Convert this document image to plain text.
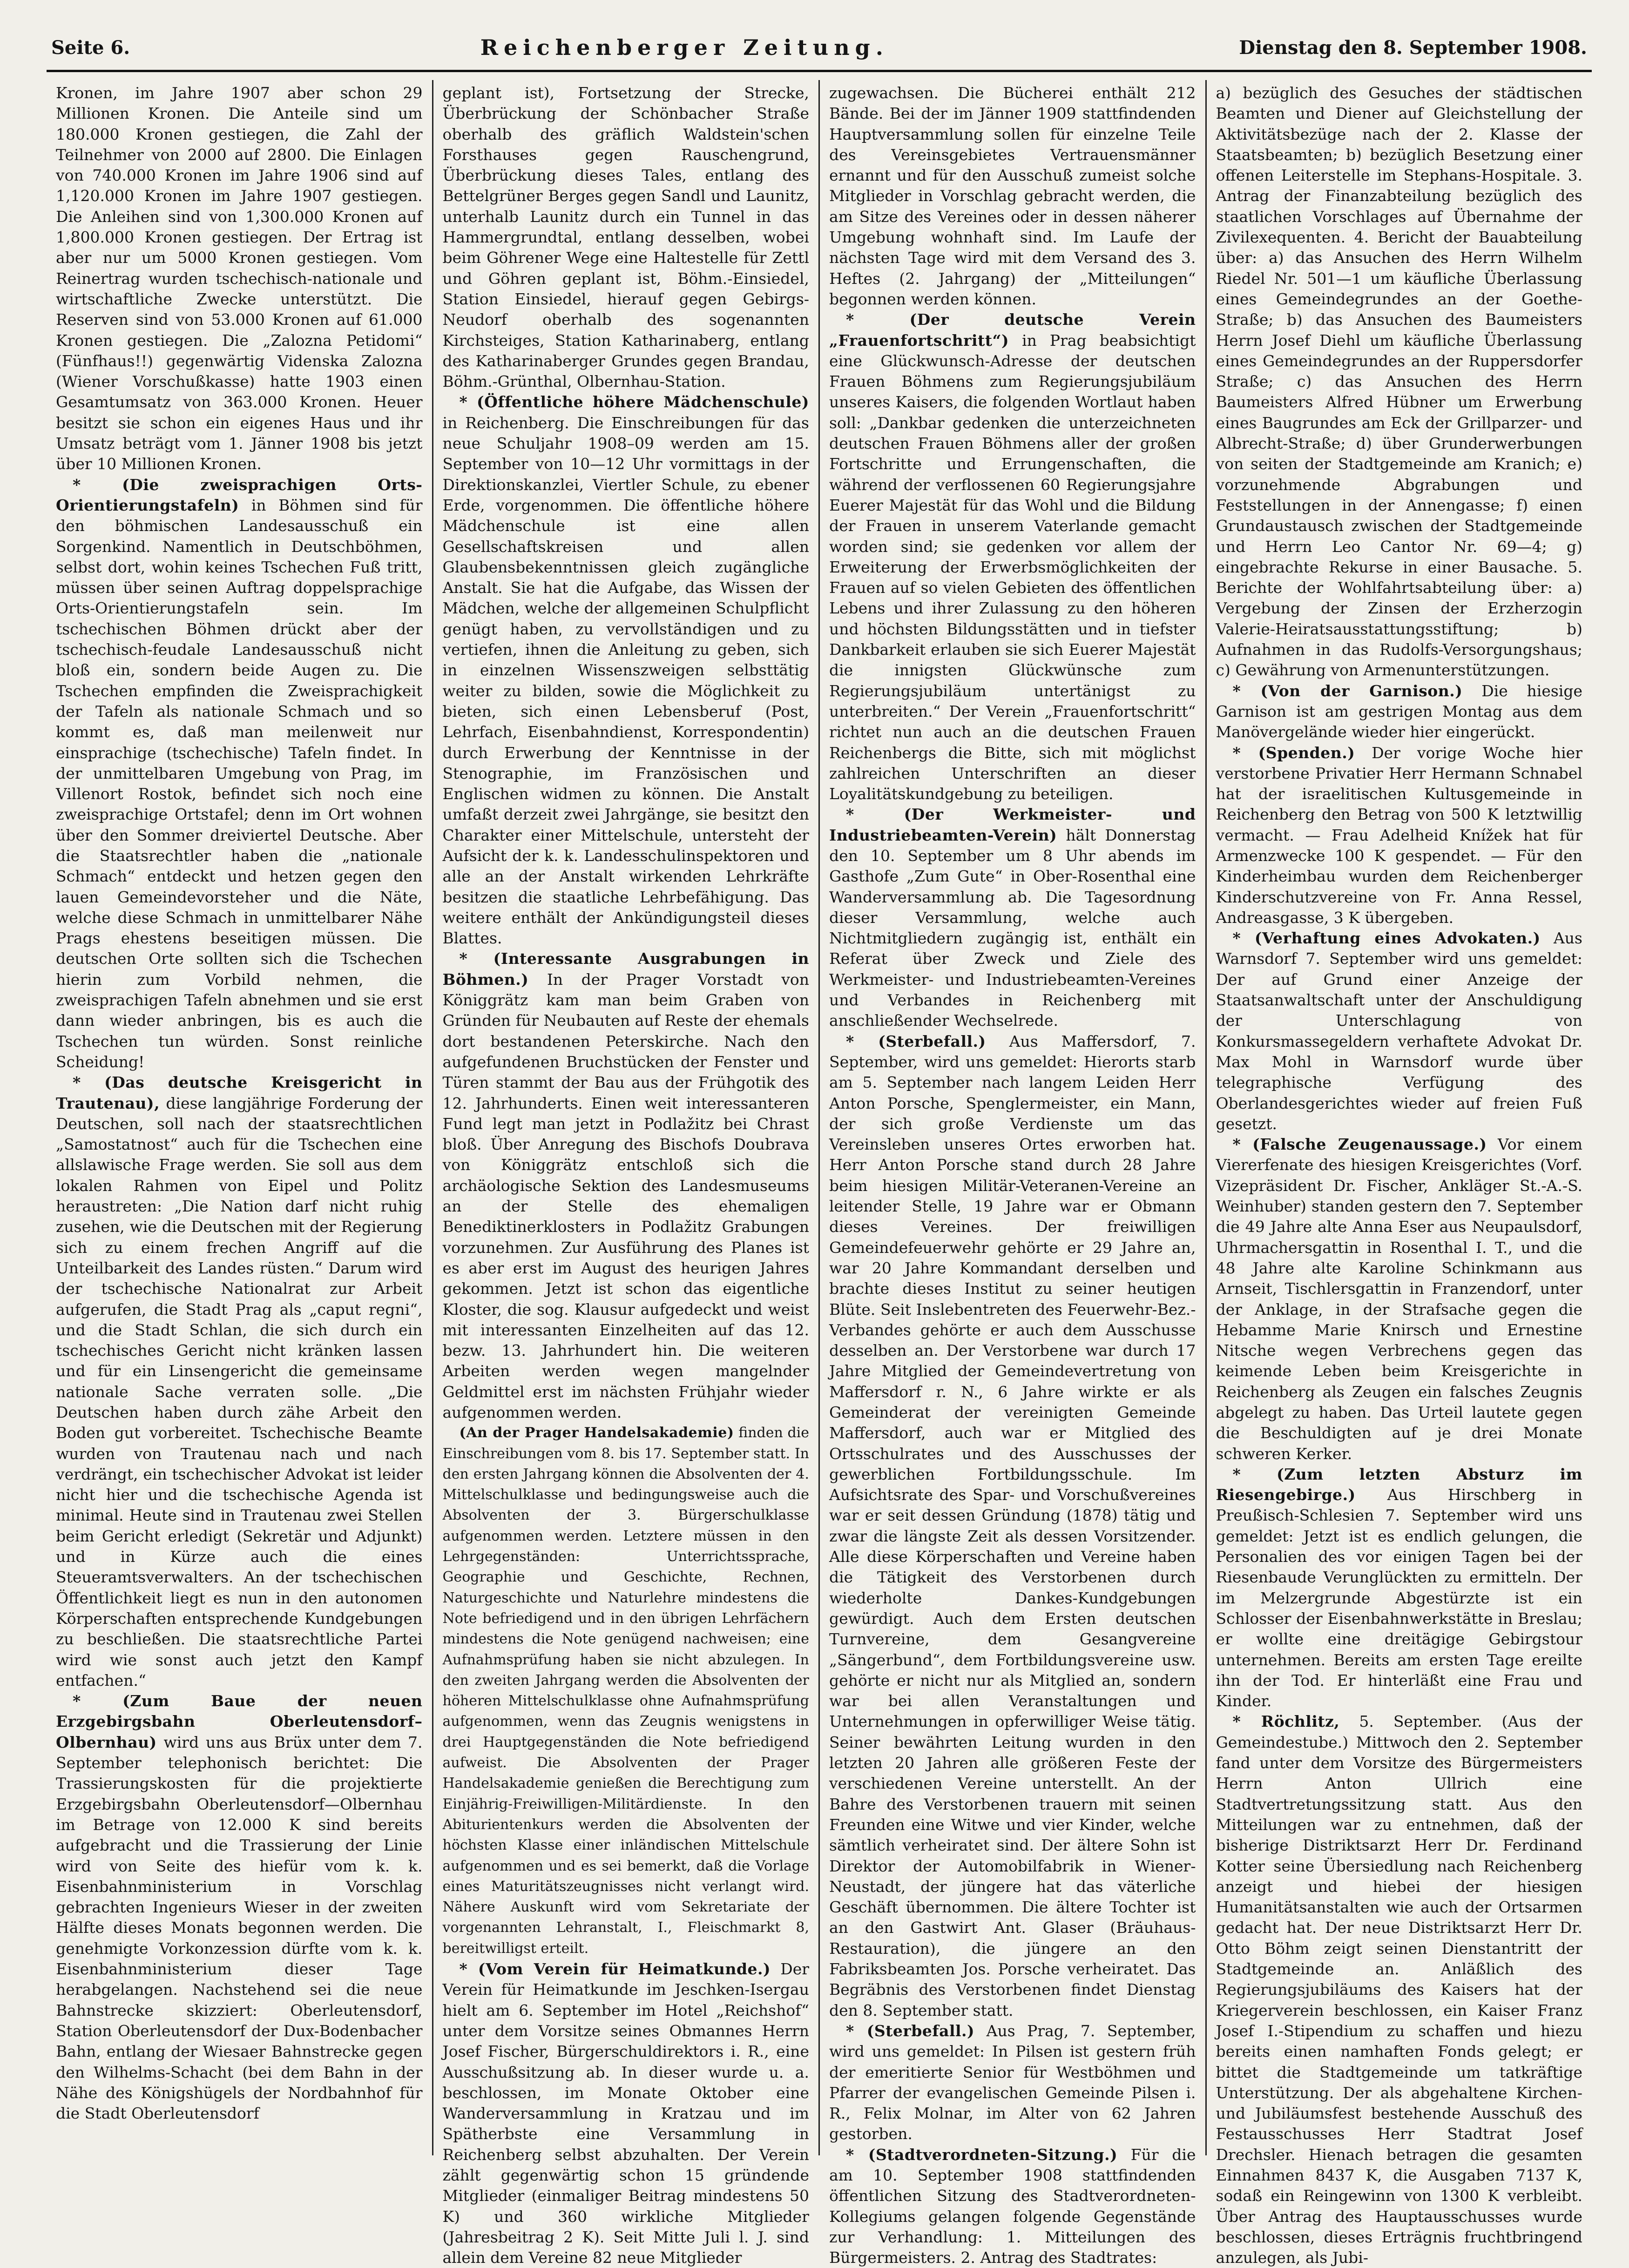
Seite 6.	Reichenberger Zeitung.	Dienstag den 8. September 1908.

Kronen, im Jahre 1907 aber schon 29 Millionen Kronen. Die Anteile sind um 180.000 Kronen gestiegen, die Zahl der Teilnehmer von 2000 auf 2800. Die Einlagen von 740.000 Kronen im Jahre 1906 sind auf 1,120.000 Kronen im Jahre 1907 gestiegen. Die Anleihen sind von 1,300.000 Kronen auf 1,800.000 Kronen gestiegen. Der Ertrag ist aber nur um 5000 Kronen gestiegen. Vom Reinertrag wurden tschechisch-nationale und wirtschaftliche Zwecke unterstützt. Die Reserven sind von 53.000 Kronen auf 61.000 Kronen gestiegen. Die „Zalozna Petidomi“ (Fünfhaus!!) gegenwärtig Videnska Zalozna (Wiener Vorschußkasse) hatte 1903 einen Gesamtumsatz von 363.000 Kronen. Heuer besitzt sie schon ein eigenes Haus und ihr Umsatz beträgt vom 1. Jänner 1908 bis jetzt über 10 Millionen Kronen.

* (Die zweisprachigen Orts-Orientierungstafeln) in Böhmen sind für den böhmischen Landesausschuß ein Sorgenkind. Namentlich in Deutschböhmen, selbst dort, wohin keines Tschechen Fuß tritt, müssen über seinen Auftrag doppelsprachige Orts-Orientierungstafeln sein. Im tschechischen Böhmen drückt aber der tschechisch-feudale Landesausschuß nicht bloß ein, sondern beide Augen zu. Die Tschechen empfinden die Zweisprachigkeit der Tafeln als nationale Schmach und so kommt es, daß man meilenweit nur einsprachige (tschechische) Tafeln findet. In der unmittelbaren Umgebung von Prag, im Villenort Rostok, befindet sich noch eine zweisprachige Ortstafel; denn im Ort wohnen über den Sommer dreiviertel Deutsche. Aber die Staatsrechtler haben die „nationale Schmach“ entdeckt und hetzen gegen den lauen Gemeindevorsteher und die Näte, welche diese Schmach in unmittelbarer Nähe Prags ehestens beseitigen müssen. Die deutschen Orte sollten sich die Tschechen hierin zum Vorbild nehmen, die zweisprachigen Tafeln abnehmen und sie erst dann wieder anbringen, bis es auch die Tschechen tun würden. Sonst reinliche Scheidung!

* (Das deutsche Kreisgericht in Trautenau), diese langjährige Forderung der Deutschen, soll nach der staatsrechtlichen „Samostatnost“ auch für die Tschechen eine allslawische Frage werden. Sie soll aus dem lokalen Rahmen von Eipel und Politz heraustreten: „Die Nation darf nicht ruhig zusehen, wie die Deutschen mit der Regierung sich zu einem frechen Angriff auf die Unteilbarkeit des Landes rüsten.“ Darum wird der tschechische Nationalrat zur Arbeit aufgerufen, die Stadt Prag als „caput regni“, und die Stadt Schlan, die sich durch ein tschechisches Gericht nicht kränken lassen und für ein Linsengericht die gemeinsame nationale Sache verraten solle. „Die Deutschen haben durch zähe Arbeit den Boden gut vorbereitet. Tschechische Beamte wurden von Trautenau nach und nach verdrängt, ein tschechischer Advokat ist leider nicht hier und die tschechische Agenda ist minimal. Heute sind in Trautenau zwei Stellen beim Gericht erledigt (Sekretär und Adjunkt) und in Kürze auch die eines Steueramtsverwalters. An der tschechischen Öffentlichkeit liegt es nun in den autonomen Körperschaften entsprechende Kundgebungen zu beschließen. Die staatsrechtliche Partei wird wie sonst auch jetzt den Kampf entfachen.“

* (Zum Baue der neuen Erzgebirgsbahn Oberleutensdorf–Olbernhau) wird uns aus Brüx unter dem 7. September telephonisch berichtet: Die Trassierungskosten für die projektierte Erzgebirgsbahn Oberleutensdorf—Olbernhau im Betrage von 12.000 K sind bereits aufgebracht und die Trassierung der Linie wird von Seite des hiefür vom k. k. Eisenbahnministerium in Vorschlag gebrachten Ingenieurs Wieser in der zweiten Hälfte dieses Monats begonnen werden. Die genehmigte Vorkonzession dürfte vom k. k. Eisenbahnministerium dieser Tage herabgelangen. Nachstehend sei die neue Bahnstrecke skizziert: Oberleutensdorf, Station Oberleutensdorf der Dux-Bodenbacher Bahn, entlang der Wiesaer Bahnstrecke gegen den Wilhelms-Schacht (bei dem Bahn in der Nähe des Königshügels der Nordbahnhof für die Stadt Oberleutensdorf

geplant ist), Fortsetzung der Strecke, Überbrückung der Schönbacher Straße oberhalb des gräflich Waldstein'schen Forsthauses gegen Rauschengrund, Überbrückung dieses Tales, entlang des Bettelgrüner Berges gegen Sandl und Launitz, unterhalb Launitz durch ein Tunnel in das Hammergrundtal, entlang desselben, wobei beim Göhrener Wege eine Haltestelle für Zettl und Göhren geplant ist, Böhm.-Einsiedel, Station Einsiedel, hierauf gegen Gebirgs-Neudorf oberhalb des sogenannten Kirchsteiges, Station Katharinaberg, entlang des Katharinaberger Grundes gegen Brandau, Böhm.-Grünthal, Olbernhau-Station.

* (Öffentliche höhere Mädchenschule) in Reichenberg. Die Einschreibungen für das neue Schuljahr 1908–09 werden am 15. September von 10—12 Uhr vormittags in der Direktionskanzlei, Viertler Schule, zu ebener Erde, vorgenommen. Die öffentliche höhere Mädchenschule ist eine allen Gesellschaftskreisen und allen Glaubensbekenntnissen gleich zugängliche Anstalt. Sie hat die Aufgabe, das Wissen der Mädchen, welche der allgemeinen Schulpflicht genügt haben, zu vervollständigen und zu vertiefen, ihnen die Anleitung zu geben, sich in einzelnen Wissenszweigen selbsttätig weiter zu bilden, sowie die Möglichkeit zu bieten, sich einen Lebensberuf (Post, Lehrfach, Eisenbahndienst, Korrespondentin) durch Erwerbung der Kenntnisse in der Stenographie, im Französischen und Englischen widmen zu können. Die Anstalt umfaßt derzeit zwei Jahrgänge, sie besitzt den Charakter einer Mittelschule, untersteht der Aufsicht der k. k. Landesschulinspektoren und alle an der Anstalt wirkenden Lehrkräfte besitzen die staatliche Lehrbefähigung. Das weitere enthält der Ankündigungsteil dieses Blattes.

* (Interessante Ausgrabungen in Böhmen.) In der Prager Vorstadt von Königgrätz kam man beim Graben von Gründen für Neubauten auf Reste der ehemals dort bestandenen Peterskirche. Nach den aufgefundenen Bruchstücken der Fenster und Türen stammt der Bau aus der Frühgotik des 12. Jahrhunderts. Einen weit interessanteren Fund legt man jetzt in Podlažitz bei Chrast bloß. Über Anregung des Bischofs Doubrava von Königgrätz entschloß sich die archäologische Sektion des Landesmuseums an der Stelle des ehemaligen Benediktinerklosters in Podlažitz Grabungen vorzunehmen. Zur Ausführung des Planes ist es aber erst im August des heurigen Jahres gekommen. Jetzt ist schon das eigentliche Kloster, die sog. Klausur aufgedeckt und weist mit interessanten Einzelheiten auf das 12. bezw. 13. Jahrhundert hin. Die weiteren Arbeiten werden wegen mangelnder Geldmittel erst im nächsten Frühjahr wieder aufgenommen werden.

(An der Prager Handelsakademie) finden die Einschreibungen vom 8. bis 17. September statt. In den ersten Jahrgang können die Absolventen der 4. Mittelschulklasse und bedingungsweise auch die Absolventen der 3. Bürgerschulklasse aufgenommen werden. Letztere müssen in den Lehrgegenständen: Unterrichtssprache, Geographie und Geschichte, Rechnen, Naturgeschichte und Naturlehre mindestens die Note befriedigend und in den übrigen Lehrfächern mindestens die Note genügend nachweisen; eine Aufnahmsprüfung haben sie nicht abzulegen. In den zweiten Jahrgang werden die Absolventen der höheren Mittelschulklasse ohne Aufnahmsprüfung aufgenommen, wenn das Zeugnis wenigstens in drei Hauptgegenständen die Note befriedigend aufweist. Die Absolventen der Prager Handelsakademie genießen die Berechtigung zum Einjährig-Freiwilligen-Militärdienste. In den Abiturientenkurs werden die Absolventen der höchsten Klasse einer inländischen Mittelschule aufgenommen und es sei bemerkt, daß die Vorlage eines Maturitätszeugnisses nicht verlangt wird. Nähere Auskunft wird vom Sekretariate der vorgenannten Lehranstalt, I., Fleischmarkt 8, bereitwilligst erteilt.

* (Vom Verein für Heimatkunde.) Der Verein für Heimatkunde im Jeschken-Isergau hielt am 6. September im Hotel „Reichshof“ unter dem Vorsitze seines Obmannes Herrn Josef Fischer, Bürgerschuldirektors i. R., eine Ausschußsitzung ab. In dieser wurde u. a. beschlossen, im Monate Oktober eine Wanderversammlung in Kratzau und im Spätherbste eine Versammlung in Reichenberg selbst abzuhalten. Der Verein zählt gegenwärtig schon 15 gründende Mitglieder (einmaliger Beitrag mindestens 50 K) und 360 wirkliche Mitglieder (Jahresbeitrag 2 K). Seit Mitte Juli l. J. sind allein dem Vereine 82 neue Mitglieder

zugewachsen. Die Bücherei enthält 212 Bände. Bei der im Jänner 1909 stattfindenden Hauptversammlung sollen für einzelne Teile des Vereinsgebietes Vertrauensmänner ernannt und für den Ausschuß zumeist solche Mitglieder in Vorschlag gebracht werden, die am Sitze des Vereines oder in dessen näherer Umgebung wohnhaft sind. Im Laufe der nächsten Tage wird mit dem Versand des 3. Heftes (2. Jahrgang) der „Mitteilungen“ begonnen werden können.

* (Der deutsche Verein „Frauenfortschritt“) in Prag beabsichtigt eine Glückwunsch-Adresse der deutschen Frauen Böhmens zum Regierungsjubiläum unseres Kaisers, die folgenden Wortlaut haben soll: „Dankbar gedenken die unterzeichneten deutschen Frauen Böhmens aller der großen Fortschritte und Errungenschaften, die während der verflossenen 60 Regierungsjahre Euerer Majestät für das Wohl und die Bildung der Frauen in unserem Vaterlande gemacht worden sind; sie gedenken vor allem der Erweiterung der Erwerbsmöglichkeiten der Frauen auf so vielen Gebieten des öffentlichen Lebens und ihrer Zulassung zu den höheren und höchsten Bildungsstätten und in tiefster Dankbarkeit erlauben sie sich Euerer Majestät die innigsten Glückwünsche zum Regierungsjubiläum untertänigst zu unterbreiten.“ Der Verein „Frauenfortschritt“ richtet nun auch an die deutschen Frauen Reichenbergs die Bitte, sich mit möglichst zahlreichen Unterschriften an dieser Loyalitätskundgebung zu beteiligen.

* (Der Werkmeister- und Industriebeamten-Verein) hält Donnerstag den 10. September um 8 Uhr abends im Gasthofe „Zum Gute“ in Ober-Rosenthal eine Wanderversammlung ab. Die Tagesordnung dieser Versammlung, welche auch Nichtmitgliedern zugängig ist, enthält ein Referat über Zweck und Ziele des Werkmeister- und Industriebeamten-Vereines und Verbandes in Reichenberg mit anschließender Wechselrede.

* (Sterbefall.) Aus Maffersdorf, 7. September, wird uns gemeldet: Hierorts starb am 5. September nach langem Leiden Herr Anton Porsche, Spenglermeister, ein Mann, der sich große Verdienste um das Vereinsleben unseres Ortes erworben hat. Herr Anton Porsche stand durch 28 Jahre beim hiesigen Militär-Veteranen-Vereine an leitender Stelle, 19 Jahre war er Obmann dieses Vereines. Der freiwilligen Gemeindefeuerwehr gehörte er 29 Jahre an, war 20 Jahre Kommandant derselben und brachte dieses Institut zu seiner heutigen Blüte. Seit Inslebentreten des Feuerwehr-Bez.-Verbandes gehörte er auch dem Ausschusse desselben an. Der Verstorbene war durch 17 Jahre Mitglied der Gemeindevertretung von Maffersdorf r. N., 6 Jahre wirkte er als Gemeinderat der vereinigten Gemeinde Maffersdorf, auch war er Mitglied des Ortsschulrates und des Ausschusses der gewerblichen Fortbildungsschule. Im Aufsichtsrate des Spar- und Vorschußvereines war er seit dessen Gründung (1878) tätig und zwar die längste Zeit als dessen Vorsitzender. Alle diese Körperschaften und Vereine haben die Tätigkeit des Verstorbenen durch wiederholte Dankes-Kundgebungen gewürdigt. Auch dem Ersten deutschen Turnvereine, dem Gesangvereine „Sängerbund“, dem Fortbildungsvereine usw. gehörte er nicht nur als Mitglied an, sondern war bei allen Veranstaltungen und Unternehmungen in opferwilliger Weise tätig. Seiner bewährten Leitung wurden in den letzten 20 Jahren alle größeren Feste der verschiedenen Vereine unterstellt. An der Bahre des Verstorbenen trauern mit seinen Freunden eine Witwe und vier Kinder, welche sämtlich verheiratet sind. Der ältere Sohn ist Direktor der Automobilfabrik in Wiener-Neustadt, der jüngere hat das väterliche Geschäft übernommen. Die ältere Tochter ist an den Gastwirt Ant. Glaser (Bräuhaus-Restauration), die jüngere an den Fabriksbeamten Jos. Porsche verheiratet. Das Begräbnis des Verstorbenen findet Dienstag den 8. September statt.

* (Sterbefall.) Aus Prag, 7. September, wird uns gemeldet: In Pilsen ist gestern früh der emeritierte Senior für Westböhmen und Pfarrer der evangelischen Gemeinde Pilsen i. R., Felix Molnar, im Alter von 62 Jahren gestorben.

* (Stadtverordneten-Sitzung.) Für die am 10. September 1908 stattfindenden öffentlichen Sitzung des Stadtverordneten-Kollegiums gelangen folgende Gegenstände zur Verhandlung: 1. Mitteilungen des Bürgermeisters. 2. Antrag des Stadtrates:

a) bezüglich des Gesuches der städtischen Beamten und Diener auf Gleichstellung der Aktivitätsbezüge nach der 2. Klasse der Staatsbeamten; b) bezüglich Besetzung einer offenen Leiterstelle im Stephans-Hospitale. 3. Antrag der Finanzabteilung bezüglich des staatlichen Vorschlages auf Übernahme der Zivilexequenten. 4. Bericht der Bauabteilung über: a) das Ansuchen des Herrn Wilhelm Riedel Nr. 501—1 um käufliche Überlassung eines Gemeindegrundes an der Goethe-Straße; b) das Ansuchen des Baumeisters Herrn Josef Diehl um käufliche Überlassung eines Gemeindegrundes an der Ruppersdorfer Straße; c) das Ansuchen des Herrn Baumeisters Alfred Hübner um Erwerbung eines Baugrundes am Eck der Grillparzer- und Albrecht-Straße; d) über Grunderwerbungen von seiten der Stadtgemeinde am Kranich; e) vorzunehmende Abgrabungen und Feststellungen in der Annengasse; f) einen Grundaustausch zwischen der Stadtgemeinde und Herrn Leo Cantor Nr. 69—4; g) eingebrachte Rekurse in einer Bausache. 5. Berichte der Wohlfahrtsabteilung über: a) Vergebung der Zinsen der Erzherzogin Valerie-Heiratsausstattungsstiftung; b) Aufnahmen in das Rudolfs-Versorgungshaus; c) Gewährung von Armenunterstützungen.

* (Von der Garnison.) Die hiesige Garnison ist am gestrigen Montag aus dem Manövergelände wieder hier eingerückt.

* (Spenden.) Der vorige Woche hier verstorbene Privatier Herr Hermann Schnabel hat der israelitischen Kultusgemeinde in Reichenberg den Betrag von 500 K letztwillig vermacht. — Frau Adelheid Knížek hat für Armenzwecke 100 K gespendet. — Für den Kinderheimbau wurden dem Reichenberger Kinderschutzvereine von Fr. Anna Ressel, Andreasgasse, 3 K übergeben.

* (Verhaftung eines Advokaten.) Aus Warnsdorf 7. September wird uns gemeldet: Der auf Grund einer Anzeige der Staatsanwaltschaft unter der Anschuldigung der Unterschlagung von Konkursmassegeldern verhaftete Advokat Dr. Max Mohl in Warnsdorf wurde über telegraphische Verfügung des Oberlandesgerichtes wieder auf freien Fuß gesetzt.

* (Falsche Zeugenaussage.) Vor einem Viererfenate des hiesigen Kreisgerichtes (Vorf. Vizepräsident Dr. Fischer, Ankläger St.-A.-S. Weinhuber) standen gestern den 7. September die 49 Jahre alte Anna Eser aus Neupaulsdorf, Uhrmachersgattin in Rosenthal I. T., und die 48 Jahre alte Karoline Schinkmann aus Arnseit, Tischlersgattin in Franzendorf, unter der Anklage, in der Strafsache gegen die Hebamme Marie Knirsch und Ernestine Nitsche wegen Verbrechens gegen das keimende Leben beim Kreisgerichte in Reichenberg als Zeugen ein falsches Zeugnis abgelegt zu haben. Das Urteil lautete gegen die Beschuldigten auf je drei Monate schweren Kerker.

* (Zum letzten Absturz im Riesengebirge.) Aus Hirschberg in Preußisch-Schlesien 7. September wird uns gemeldet: Jetzt ist es endlich gelungen, die Personalien des vor einigen Tagen bei der Riesenbaude Verunglückten zu ermitteln. Der im Melzergrunde Abgestürzte ist ein Schlosser der Eisenbahnwerkstätte in Breslau; er wollte eine dreitägige Gebirgstour unternehmen. Bereits am ersten Tage ereilte ihn der Tod. Er hinterläßt eine Frau und Kinder.

* Röchlitz, 5. September. (Aus der Gemeindestube.) Mittwoch den 2. September fand unter dem Vorsitze des Bürgermeisters Herrn Anton Ullrich eine Stadtvertretungssitzung statt. Aus den Mitteilungen war zu entnehmen, daß der bisherige Distriktsarzt Herr Dr. Ferdinand Kotter seine Übersiedlung nach Reichenberg anzeigt und hiebei der hiesigen Humanitätsanstalten wie auch der Ortsarmen gedacht hat. Der neue Distriktsarzt Herr Dr. Otto Böhm zeigt seinen Dienstantritt der Stadtgemeinde an. Anläßlich des Regierungsjubiläums des Kaisers hat der Kriegerverein beschlossen, ein Kaiser Franz Josef I.-Stipendium zu schaffen und hiezu bereits einen namhaften Fonds gelegt; er bittet die Stadtgemeinde um tatkräftige Unterstützung. Der als abgehaltene Kirchen- und Jubiläumsfest bestehende Ausschuß des Festausschusses Herr Stadtrat Josef Drechsler. Hienach betragen die gesamten Einnahmen 8437 K, die Ausgaben 7137 K, sodaß ein Reingewinn von 1300 K verbleibt. Über Antrag des Hauptausschusses wurde beschlossen, dieses Erträgnis fruchtbringend anzulegen, als Jubi-
